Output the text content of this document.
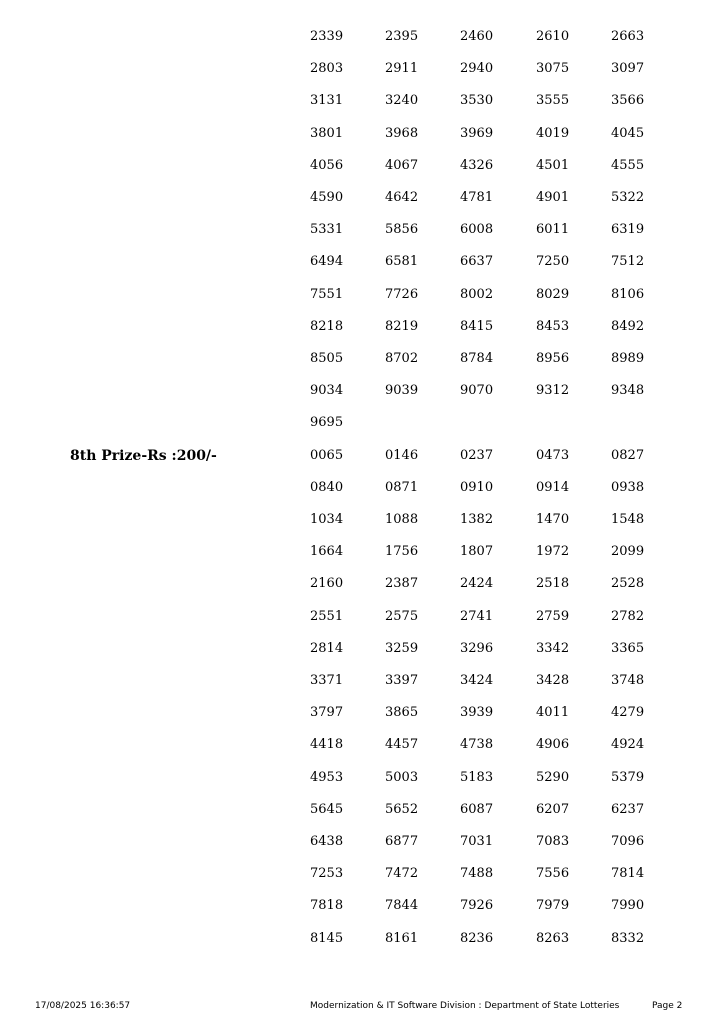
2339	2395	2460	2610	2663
2803	2911	2940	3075	3097
3131	3240	3530	3555	3566
3801	3968	3969	4019	4045
4056	4067	4326	4501	4555
4590	4642	4781	4901	5322
5331	5856	6008	6011	6319
6494	6581	6637	7250	7512
7551	7726	8002	8029	8106
8218	8219	8415	8453	8492
8505	8702	8784	8956	8989
9034	9039	9070	9312	9348
9695

8th Prize-Rs :200/-	0065	0146	0237	0473	0827
0840	0871	0910	0914	0938
1034	1088	1382	1470	1548
1664	1756	1807	1972	2099
2160	2387	2424	2518	2528
2551	2575	2741	2759	2782
2814	3259	3296	3342	3365
3371	3397	3424	3428	3748
3797	3865	3939	4011	4279
4418	4457	4738	4906	4924
4953	5003	5183	5290	5379
5645	5652	6087	6207	6237
6438	6877	7031	7083	7096
7253	7472	7488	7556	7814
7818	7844	7926	7979	7990
8145	8161	8236	8263	8332
17/08/2025 16:36:57	Modernization & IT Software Division : Department of State Lotteries	Page 2
